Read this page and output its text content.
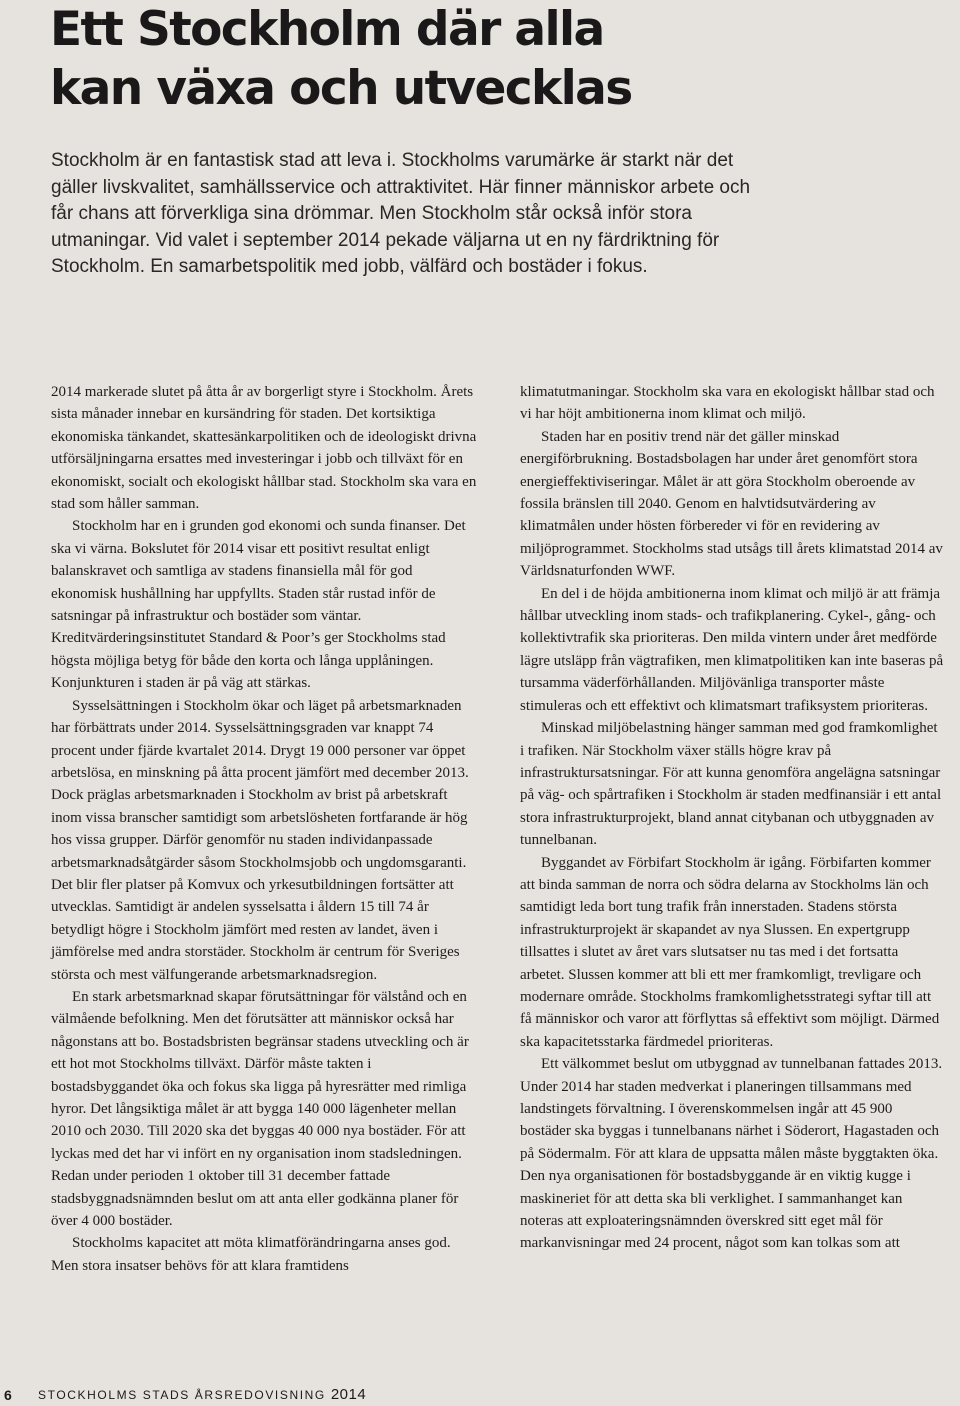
Ett Stockholm där alla
kan växa och utvecklas

Stockholm är en fantastisk stad att leva i. Stockholms varumärke är starkt när det gäller livskvalitet, samhällsservice och attraktivitet. Här finner människor arbete och får chans att förverkliga sina drömmar. Men Stockholm står också inför stora utmaningar. Vid valet i september 2014 pekade väljarna ut en ny färdriktning för Stockholm. En samarbetspolitik med jobb, välfärd och bostäder i fokus.

2014 markerade slutet på åtta år av borgerligt styre i Stockholm. Årets sista månader innebar en kursändring för staden. Det kortsiktiga ekonomiska tänkandet, skattesänkarpolitiken och de ideologiskt drivna utförsäljningarna ersattes med investeringar i jobb och tillväxt för en ekonomiskt, socialt och ekologiskt hållbar stad. Stockholm ska vara en stad som håller samman.

Stockholm har en i grunden god ekonomi och sunda finanser. Det ska vi värna. Bokslutet för 2014 visar ett positivt resultat enligt balanskravet och samtliga av stadens finansiella mål för god ekonomisk hushållning har uppfyllts. Staden står rustad inför de satsningar på infrastruktur och bostäder som väntar. Kreditvärderingsinstitutet Standard & Poor’s ger Stockholms stad högsta möjliga betyg för både den korta och långa upplåningen. Konjunkturen i staden är på väg att stärkas.

Sysselsättningen i Stockholm ökar och läget på arbetsmarknaden har förbättrats under 2014. Sysselsättningsgraden var knappt 74 procent under fjärde kvartalet 2014. Drygt 19 000 personer var öppet arbetslösa, en minskning på åtta procent jämfört med december 2013. Dock präglas arbetsmarknaden i Stockholm av brist på arbetskraft inom vissa branscher samtidigt som arbetslösheten fortfarande är hög hos vissa grupper. Därför genomför nu staden individanpassade arbetsmarknadsåtgärder såsom Stockholmsjobb och ungdomsgaranti. Det blir fler platser på Komvux och yrkesutbildningen fortsätter att utvecklas. Samtidigt är andelen sysselsatta i åldern 15 till 74 år betydligt högre i Stockholm jämfört med resten av landet, även i jämförelse med andra storstäder. Stockholm är centrum för Sveriges största och mest välfungerande arbetsmarknadsregion.

En stark arbetsmarknad skapar förutsättningar för välstånd och en välmående befolkning. Men det förutsätter att människor också har någonstans att bo. Bostadsbristen begränsar stadens utveckling och är ett hot mot Stockholms tillväxt. Därför måste takten i bostadsbyggandet öka och fokus ska ligga på hyresrätter med rimliga hyror. Det långsiktiga målet är att bygga 140 000 lägenheter mellan 2010 och 2030. Till 2020 ska det byggas 40 000 nya bostäder. För att lyckas med det har vi infört en ny organisation inom stadsledningen. Redan under perioden 1 oktober till 31 december fattade stadsbyggnadsnämnden beslut om att anta eller godkänna planer för över 4 000 bostäder.

Stockholms kapacitet att möta klimatförändringarna anses god. Men stora insatser behövs för att klara framtidens

klimatutmaningar. Stockholm ska vara en ekologiskt hållbar stad och vi har höjt ambitionerna inom klimat och miljö.

Staden har en positiv trend när det gäller minskad energiförbrukning. Bostadsbolagen har under året genomfört stora energieffektiviseringar. Målet är att göra Stockholm oberoende av fossila bränslen till 2040. Genom en halvtidsutvärdering av klimatmålen under hösten förbereder vi för en revidering av miljöprogrammet. Stockholms stad utsågs till årets klimatstad 2014 av Världsnaturfonden WWF.

En del i de höjda ambitionerna inom klimat och miljö är att främja hållbar utveckling inom stads- och trafikplanering. Cykel-, gång- och kollektivtrafik ska prioriteras. Den milda vintern under året medförde lägre utsläpp från vägtrafiken, men klimatpolitiken kan inte baseras på tursamma väderförhållanden. Miljövänliga transporter måste stimuleras och ett effektivt och klimatsmart trafiksystem prioriteras.

Minskad miljöbelastning hänger samman med god framkomlighet i trafiken. När Stockholm växer ställs högre krav på infrastruktursatsningar. För att kunna genomföra angelägna satsningar på väg- och spårtrafiken i Stockholm är staden medfinansiär i ett antal stora infrastrukturprojekt, bland annat citybanan och utbyggnaden av tunnelbanan.

Byggandet av Förbifart Stockholm är igång. Förbifarten kommer att binda samman de norra och södra delarna av Stockholms län och samtidigt leda bort tung trafik från innerstaden. Stadens största infrastrukturprojekt är skapandet av nya Slussen. En expertgrupp tillsattes i slutet av året vars slutsatser nu tas med i det fortsatta arbetet. Slussen kommer att bli ett mer framkomligt, trevligare och modernare område. Stockholms framkomlighetsstrategi syftar till att få människor och varor att förflyttas så effektivt som möjligt. Därmed ska kapacitetsstarka färdmedel prioriteras.

Ett välkommet beslut om utbyggnad av tunnelbanan fattades 2013. Under 2014 har staden medverkat i planeringen tillsammans med landstingets förvaltning. I överenskommelsen ingår att 45 900 bostäder ska byggas i tunnelbanans närhet i Söderort, Hagastaden och på Södermalm. För att klara de uppsatta målen måste byggtakten öka. Den nya organisationen för bostadsbyggande är en viktig kugge i maskineriet för att detta ska bli verklighet. I sammanhanget kan noteras att exploateringsnämnden överskred sitt eget mål för markanvisningar med 24 procent, något som kan tolkas som att

6 STOCKHOLMS STADS ÅRSREDOVISNING 2014
